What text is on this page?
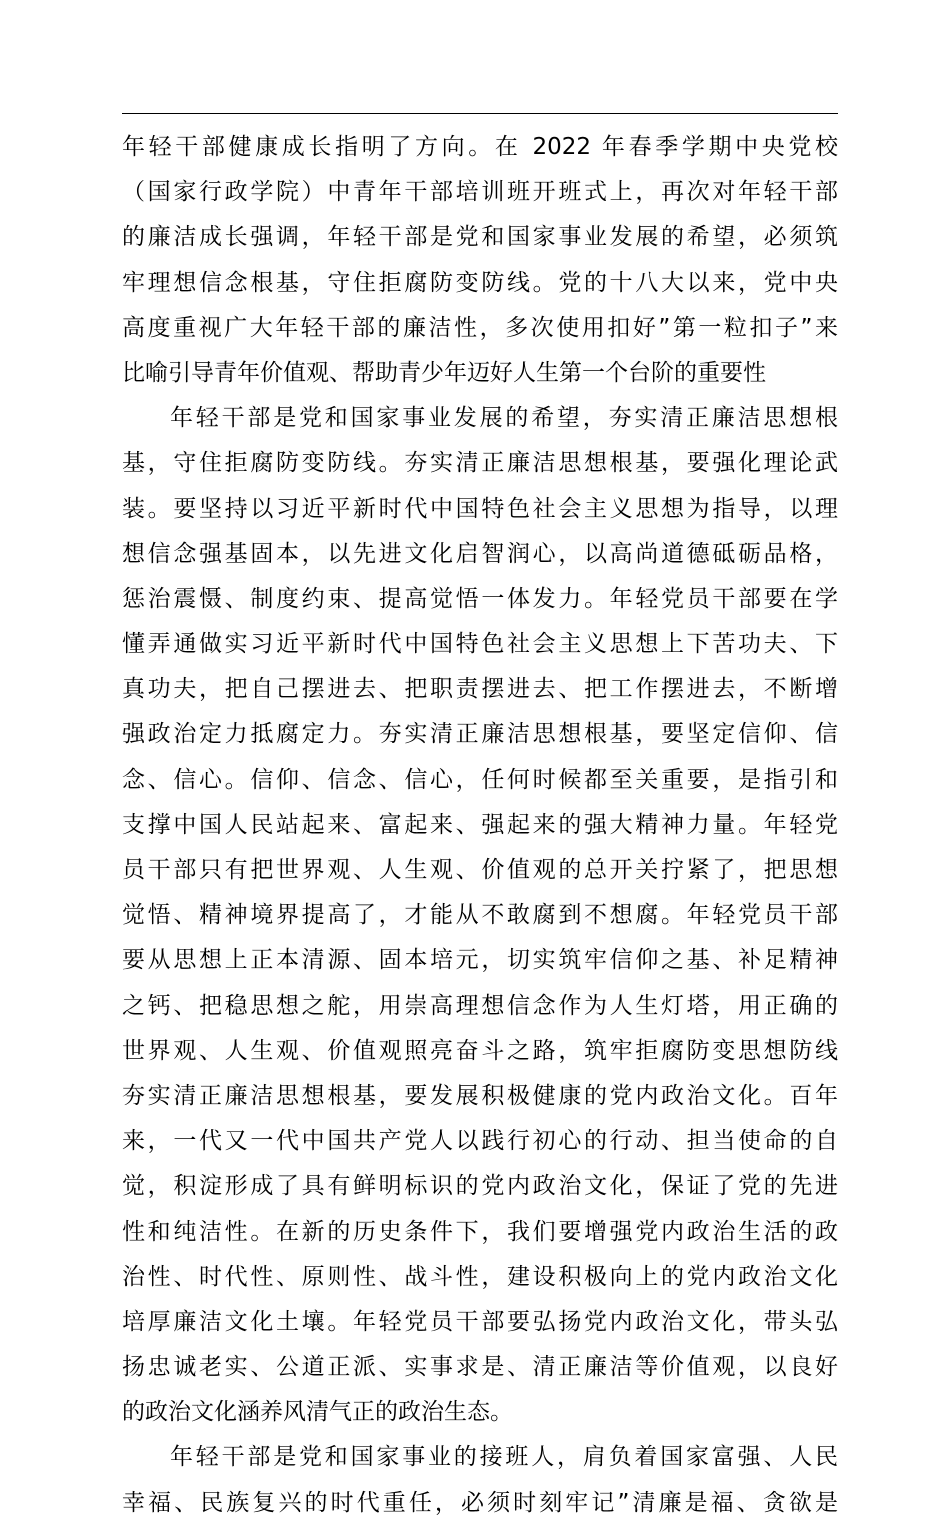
年轻干部健康成长指明了方向。在 2022 年春季学期中央党校
（国家行政学院）中青年干部培训班开班式上，再次对年轻干部
的廉洁成长强调，年轻干部是党和国家事业发展的希望，必须筑
牢理想信念根基，守住拒腐防变防线。党的十八大以来，党中央
高度重视广大年轻干部的廉洁性，多次使用扣好”第一粒扣子”来
比喻引导青年价值观、帮助青少年迈好人生第一个台阶的重要性
年轻干部是党和国家事业发展的希望，夯实清正廉洁思想根
基，守住拒腐防变防线。夯实清正廉洁思想根基，要强化理论武
装。要坚持以习近平新时代中国特色社会主义思想为指导，以理
想信念强基固本，以先进文化启智润心，以高尚道德砥砺品格，
惩治震慑、制度约束、提高觉悟一体发力。年轻党员干部要在学
懂弄通做实习近平新时代中国特色社会主义思想上下苦功夫、下
真功夫，把自己摆进去、把职责摆进去、把工作摆进去，不断增
强政治定力抵腐定力。夯实清正廉洁思想根基，要坚定信仰、信
念、信心。信仰、信念、信心，任何时候都至关重要，是指引和
支撑中国人民站起来、富起来、强起来的强大精神力量。年轻党
员干部只有把世界观、人生观、价值观的总开关拧紧了，把思想
觉悟、精神境界提高了，才能从不敢腐到不想腐。年轻党员干部
要从思想上正本清源、固本培元，切实筑牢信仰之基、补足精神
之钙、把稳思想之舵，用崇高理想信念作为人生灯塔，用正确的
世界观、人生观、价值观照亮奋斗之路，筑牢拒腐防变思想防线
夯实清正廉洁思想根基，要发展积极健康的党内政治文化。百年
来，一代又一代中国共产党人以践行初心的行动、担当使命的自
觉，积淀形成了具有鲜明标识的党内政治文化，保证了党的先进
性和纯洁性。在新的历史条件下，我们要增强党内政治生活的政
治性、时代性、原则性、战斗性，建设积极向上的党内政治文化
培厚廉洁文化土壤。年轻党员干部要弘扬党内政治文化，带头弘
扬忠诚老实、公道正派、实事求是、清正廉洁等价值观，以良好
的政治文化涵养风清气正的政治生态。
年轻干部是党和国家事业的接班人，肩负着国家富强、人民
幸福、民族复兴的时代重任，必须时刻牢记”清廉是福、贪欲是
